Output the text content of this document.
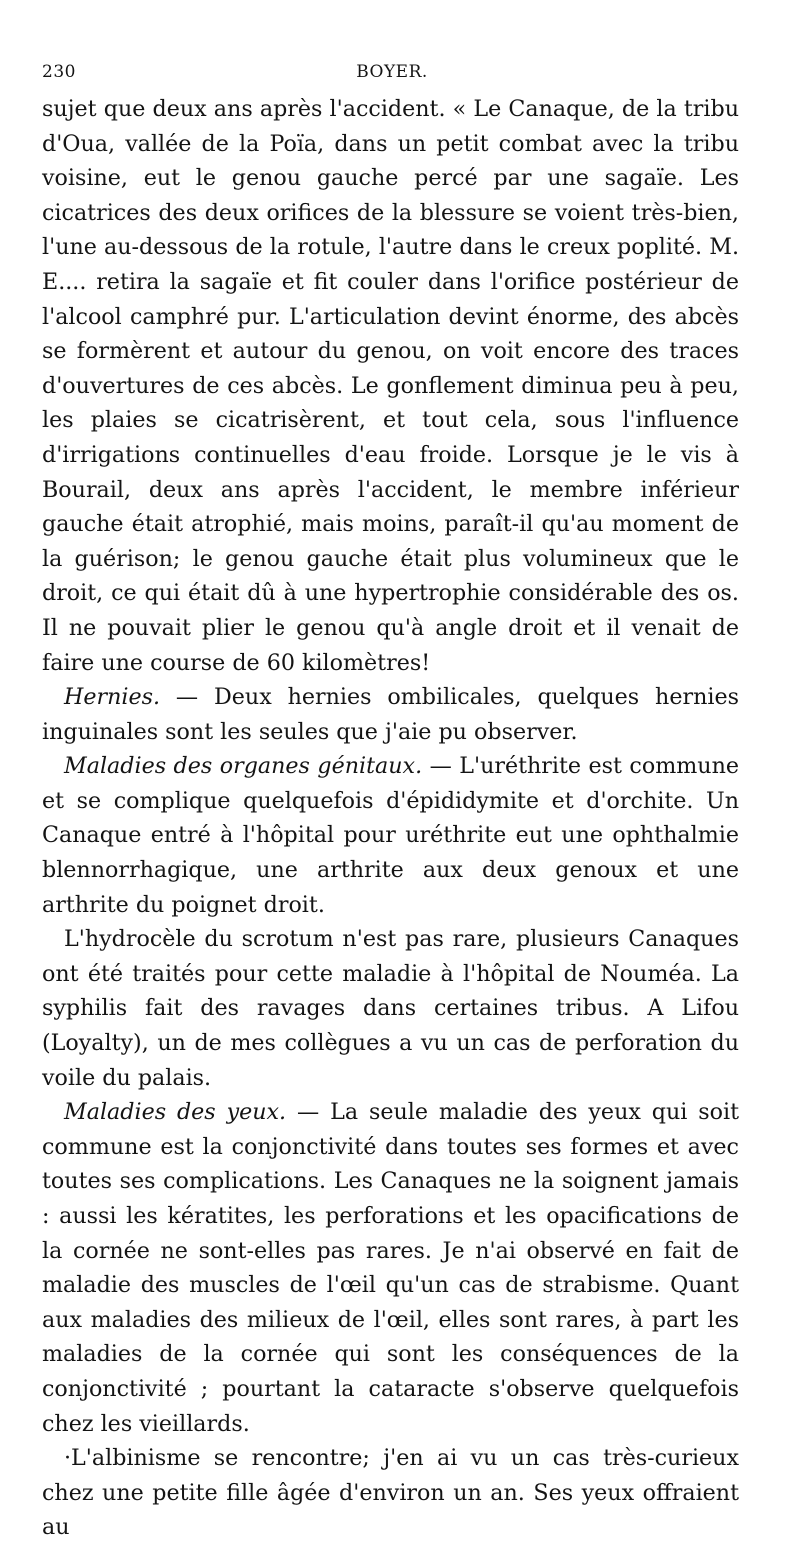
230	BOYER.

sujet que deux ans après l'accident. « Le Canaque, de la tribu d'Oua, vallée de la Poïa, dans un petit combat avec la tribu voisine, eut le genou gauche percé par une sagaïe. Les cicatrices des deux orifices de la blessure se voient très-bien, l'une au-dessous de la rotule, l'autre dans le creux poplité. M. E.... retira la sagaïe et fit couler dans l'orifice postérieur de l'alcool camphré pur. L'articulation devint énorme, des abcès se formèrent et autour du genou, on voit encore des traces d'ouvertures de ces abcès. Le gonflement diminua peu à peu, les plaies se cicatrisèrent, et tout cela, sous l'influence d'irrigations continuelles d'eau froide. Lorsque je le vis à Bourail, deux ans après l'accident, le membre inférieur gauche était atrophié, mais moins, paraît-il qu'au moment de la guérison; le genou gauche était plus volumineux que le droit, ce qui était dû à une hypertrophie considérable des os. Il ne pouvait plier le genou qu'à angle droit et il venait de faire une course de 60 kilomètres!

Hernies. — Deux hernies ombilicales, quelques hernies inguinales sont les seules que j'aie pu observer.

Maladies des organes génitaux. — L'uréthrite est commune et se complique quelquefois d'épididymite et d'orchite. Un Canaque entré à l'hôpital pour uréthrite eut une ophthalmie blennorrhagique, une arthrite aux deux genoux et une arthrite du poignet droit.

L'hydrocèle du scrotum n'est pas rare, plusieurs Canaques ont été traités pour cette maladie à l'hôpital de Nouméa. La syphilis fait des ravages dans certaines tribus. A Lifou (Loyalty), un de mes collègues a vu un cas de perforation du voile du palais.

Maladies des yeux. — La seule maladie des yeux qui soit commune est la conjonctivité dans toutes ses formes et avec toutes ses complications. Les Canaques ne la soignent jamais : aussi les kératites, les perforations et les opacifications de la cornée ne sont-elles pas rares. Je n'ai observé en fait de maladie des muscles de l'œil qu'un cas de strabisme. Quant aux maladies des milieux de l'œil, elles sont rares, à part les maladies de la cornée qui sont les conséquences de la conjonctivité ; pourtant la cataracte s'observe quelquefois chez les vieillards.

·L'albinisme se rencontre; j'en ai vu un cas très-curieux chez une petite fille âgée d'environ un an. Ses yeux offraient au
